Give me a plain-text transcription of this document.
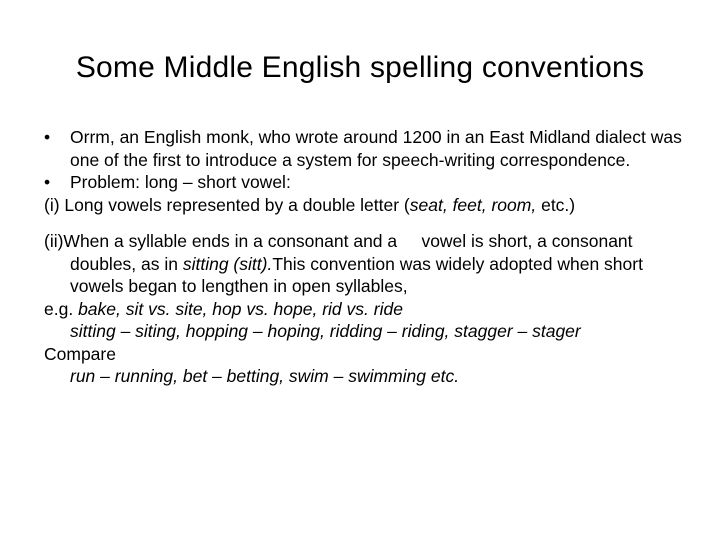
Some Middle English spelling conventions
• Orrm, an English monk, who wrote around 1200 in an East Midland dialect was one of the first to introduce a system for speech-writing correspondence.
• Problem: long – short vowel:
(i) Long vowels represented by a double letter (seat, feet, room, etc.)
(ii)When a syllable ends in a consonant and a     vowel is short, a consonant doubles, as in sitting (sitt).This convention was widely adopted when short vowels began to lengthen in open syllables,
e.g. bake, sit vs. site, hop vs. hope, rid vs. ride
sitting – siting, hopping – hoping, ridding – riding, stagger – stager
Compare
run – running, bet – betting, swim – swimming etc.
